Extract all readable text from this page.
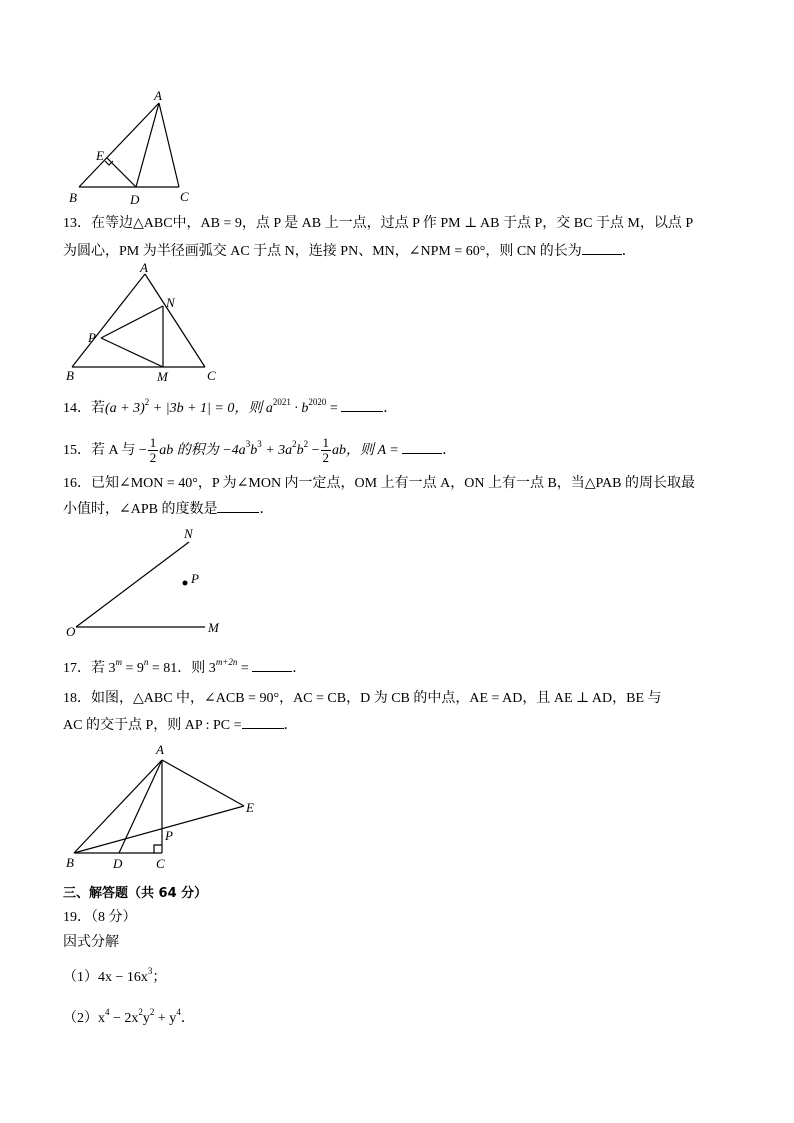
A
E
B	D	C
13．在等边△ABC中，AB = 9，点 P 是 AB 上一点，过点 P 作 PM ⊥ AB 于点 P，交 BC 于点 M，以点 P
为圆心，PM 为半径画弧交 AC 于点 N，连接 PN、MN，∠NPM = 60°，则 CN 的长为	．
A
N
P
B	M	C
14．若$(a + 3)^2 + |3b + 1| = 0$，则 $a^{2021} \cdot b^{2020}$ =	．
15．若 A 与 − $\frac{1}{2}$ ab 的积为 $-4a^3b^3 + 3a^2b^2 - \frac{1}{2}$ ab，则 A =	．
16．已知∠MON = 40°，P 为∠MON 内一定点，OM 上有一点 A，ON 上有一点 B，当△PAB 的周长取最
小值时，∠APB 的度数是	．
N
P
O	M
17．若 $3^m = 9^n = 81$．则 $3^{m+2n}$ =	．
18．如图，△ABC 中，∠ACB = 90°，AC = CB，D 为 CB 的中点，AE = AD，且 AE ⊥ AD，BE 与
AC 的交于点 P，则 AP : PC =	．
A
E
P
B	D	C
三、解答题（共 64 分）
19．（8 分）
因式分解
$(1)4x - 16x^3$；
$(2)x^4 - 2x^2y^2 + y^4$．
